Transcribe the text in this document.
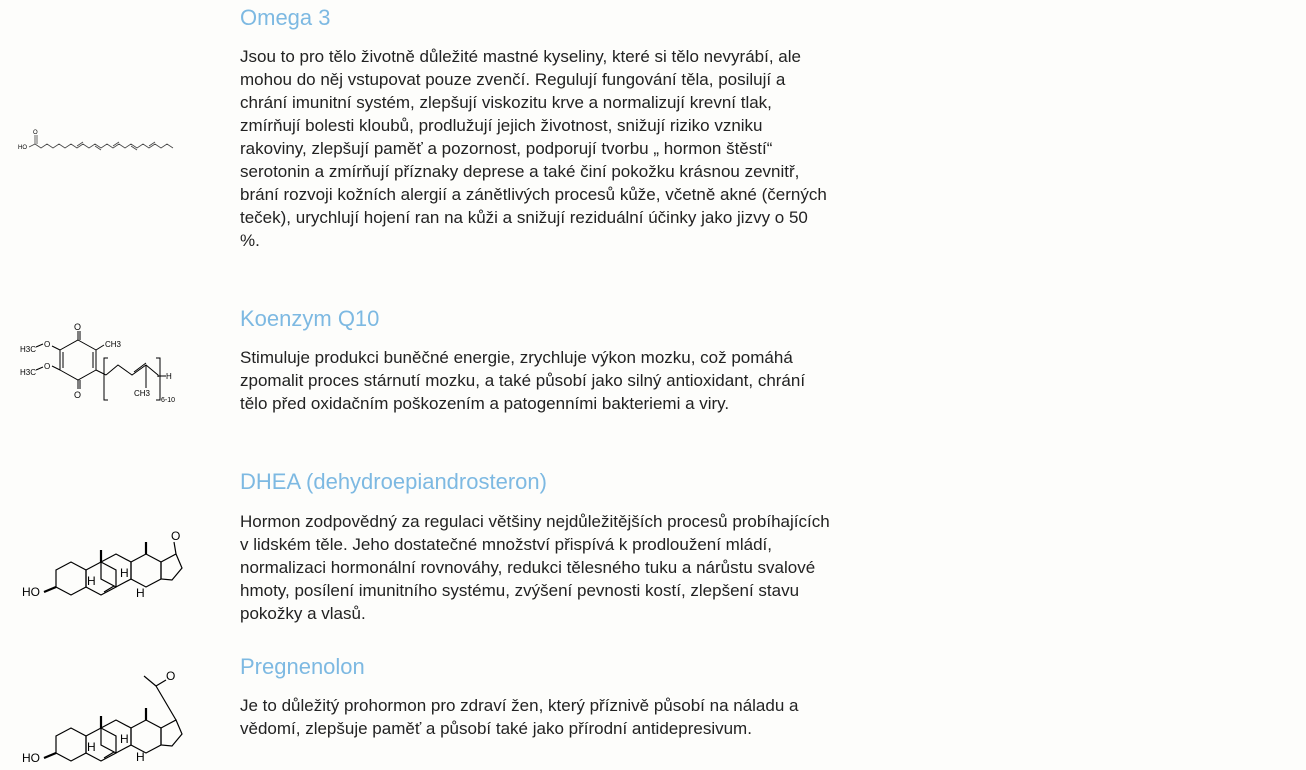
HO
O
Omega 3

Jsou to pro tělo životně důležité mastné kyseliny, které si tělo nevyrábí, ale mohou do něj vstupovat pouze zvenčí. Regulují fungování těla, posilují a chrání imunitní systém, zlepšují viskozitu krve a normalizují krevní tlak, zmírňují bolesti kloubů, prodlužují jejich životnost, snižují riziko vzniku rakoviny, zlepšují paměť a pozornost, podporují tvorbu „ hormon štěstí“ serotonin a zmírňují příznaky deprese a také činí pokožku krásnou zevnitř, brání rozvoji kožních alergií a zánětlivých procesů kůže, včetně akné (černých teček), urychlují hojení ran na kůži a snižují reziduální účinky jako jizvy o 50 %.

O
O
CH3
O
H3C
O
H3C
CH3
H
6-10
Koenzym Q10

Stimuluje produkci buněčné energie, zrychluje výkon mozku, což pomáhá zpomalit proces stárnutí mozku, a také působí jako silný antioxidant, chrání tělo před oxidačním poškozením a patogenními bakteriemi a viry.

O
HO
H
H
H
DHEA (dehydroepiandrosteron)

Hormon zodpovědný za regulaci většiny nejdůležitějších procesů probíhajících v lidském těle. Jeho dostatečné množství přispívá k prodloužení mládí, normalizaci hormonální rovnováhy, redukci tělesného tuku a nárůstu svalové hmoty, posílení imunitního systému, zvýšení pevnosti kostí, zlepšení stavu pokožky a vlasů.

O
HO
H
H
H
Pregnenolon

Je to důležitý prohormon pro zdraví žen, který příznivě působí na náladu a vědomí, zlepšuje paměť a působí také jako přírodní antidepresivum.
